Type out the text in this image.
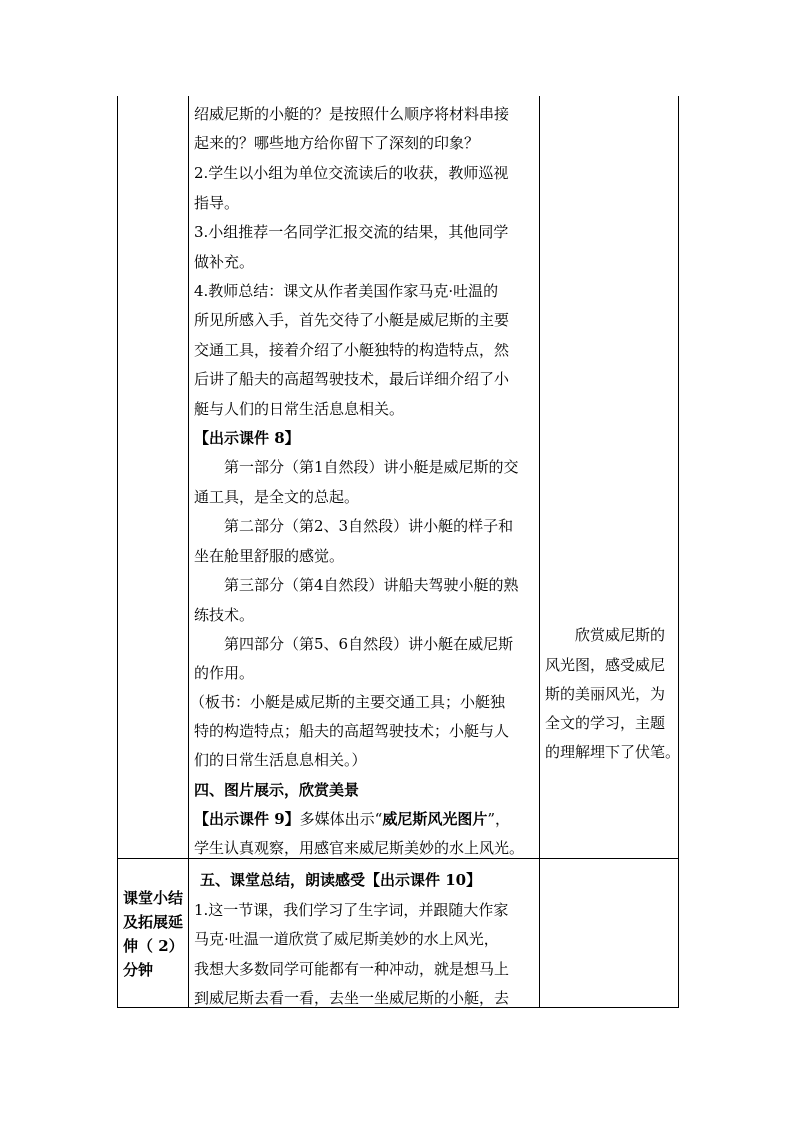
绍威尼斯的小艇的？是按照什么顺序将材料串接
起来的？哪些地方给你留下了深刻的印象？
2.学生以小组为单位交流读后的收获，教师巡视
指导。
3.小组推荐一名同学汇报交流的结果，其他同学
做补充。
4.教师总结：课文从作者美国作家马克·吐温的
所见所感入手，首先交待了小艇是威尼斯的主要
交通工具，接着介绍了小艇独特的构造特点，然
后讲了船夫的高超驾驶技术，最后详细介绍了小
艇与人们的日常生活息息相关。
【出示课件 8】
第一部分（第1自然段）讲小艇是威尼斯的交
通工具，是全文的总起。
第二部分（第2、3自然段）讲小艇的样子和
坐在舱里舒服的感觉。
第三部分（第4自然段）讲船夫驾驶小艇的熟
练技术。
第四部分（第5、6自然段）讲小艇在威尼斯
的作用。
（板书：小艇是威尼斯的主要交通工具；小艇独
特的构造特点；船夫的高超驾驶技术；小艇与人
们的日常生活息息相关。）
四、图片展示，欣赏美景
【出示课件 9】多媒体出示“威尼斯风光图片”，
学生认真观察，用感官来威尼斯美妙的水上风光。
欣赏威尼斯的
风光图，感受威尼
斯的美丽风光，为
全文的学习，主题
的理解埋下了伏笔。
课堂小结
及拓展延
伸（ 2）
分钟
五、课堂总结，朗读感受【出示课件 10】
1.这一节课，我们学习了生字词，并跟随大作家
马克·吐温一道欣赏了威尼斯美妙的水上风光，
我想大多数同学可能都有一种冲动，就是想马上
到威尼斯去看一看，去坐一坐威尼斯的小艇，去
